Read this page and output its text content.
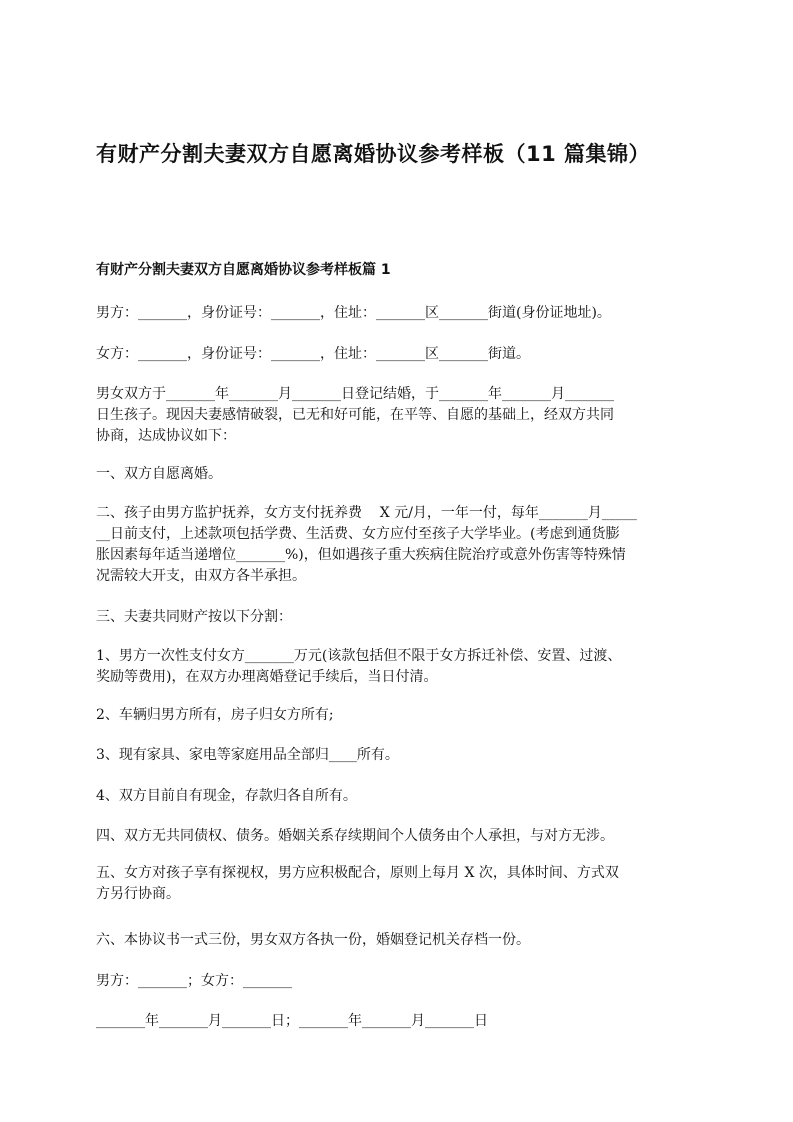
有财产分割夫妻双方自愿离婚协议参考样板（11 篇集锦）
有财产分割夫妻双方自愿离婚协议参考样板篇 1
男方：_______，身份证号：_______，住址：_______区_______街道(身份证地址)。
女方：_______，身份证号：_______，住址：_______区_______街道。
男女双方于_______年_______月_______日登记结婚，于_______年_______月_______
日生孩子。现因夫妻感情破裂，已无和好可能，在平等、自愿的基础上，经双方共同
协商，达成协议如下：
一、双方自愿离婚。
二、孩子由男方监护抚养，女方支付抚养费    X 元/月，一年一付，每年_______月_____
__日前支付，上述款项包括学费、生活费、女方应付至孩子大学毕业。(考虑到通货膨
胀因素每年适当递增位_______%)，但如遇孩子重大疾病住院治疗或意外伤害等特殊情
况需较大开支，由双方各半承担。
三、夫妻共同财产按以下分割：
1、男方一次性支付女方_______万元(该款包括但不限于女方拆迁补偿、安置、过渡、
奖励等费用)，在双方办理离婚登记手续后，当日付清。
2、车辆归男方所有，房子归女方所有;
3、现有家具、家电等家庭用品全部归____所有。
4、双方目前自有现金，存款归各自所有。
四、双方无共同债权、债务。婚姻关系存续期间个人债务由个人承担，与对方无涉。
五、女方对孩子享有探视权，男方应积极配合，原则上每月 X 次，具体时间、方式双
方另行协商。
六、本协议书一式三份，男女双方各执一份，婚姻登记机关存档一份。
男方：_______；女方：_______
_______年_______月_______日；_______年_______月_______日
